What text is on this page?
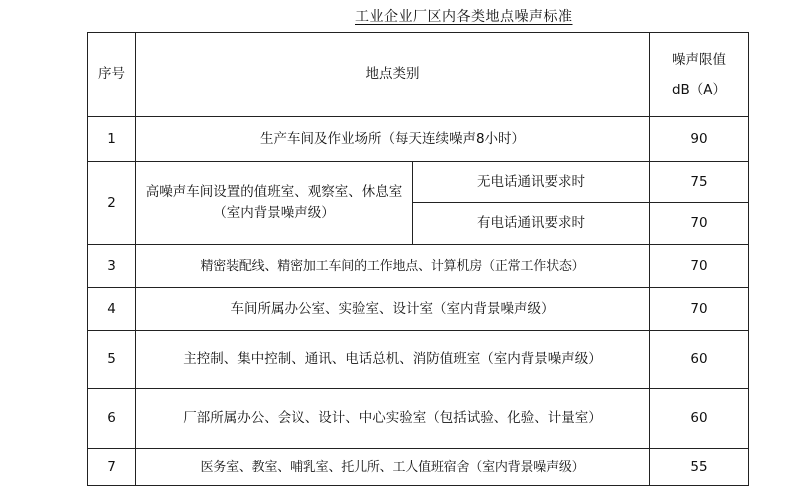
工业企业厂区内各类地点噪声标准
序号	地点类别		噪声限值
dB（A）

1	生产车间及作业场所（每天连续噪声8小时）		90
2	高噪声车间设置的值班室、观察室、休息室（室内背景噪声级）	无电话通讯要求时	75
		有电话通讯要求时	70
3	精密装配线、精密加工车间的工作地点、计算机房（正常工作状态）		70
4	车间所属办公室、实验室、设计室（室内背景噪声级）		70
5	主控制、集中控制、通讯、电话总机、消防值班室（室内背景噪声级）		60
6	厂部所属办公、会议、设计、中心实验室（包括试验、化验、计量室）		60
7	医务室、教室、哺乳室、托儿所、工人值班宿舍（室内背景噪声级）		55
